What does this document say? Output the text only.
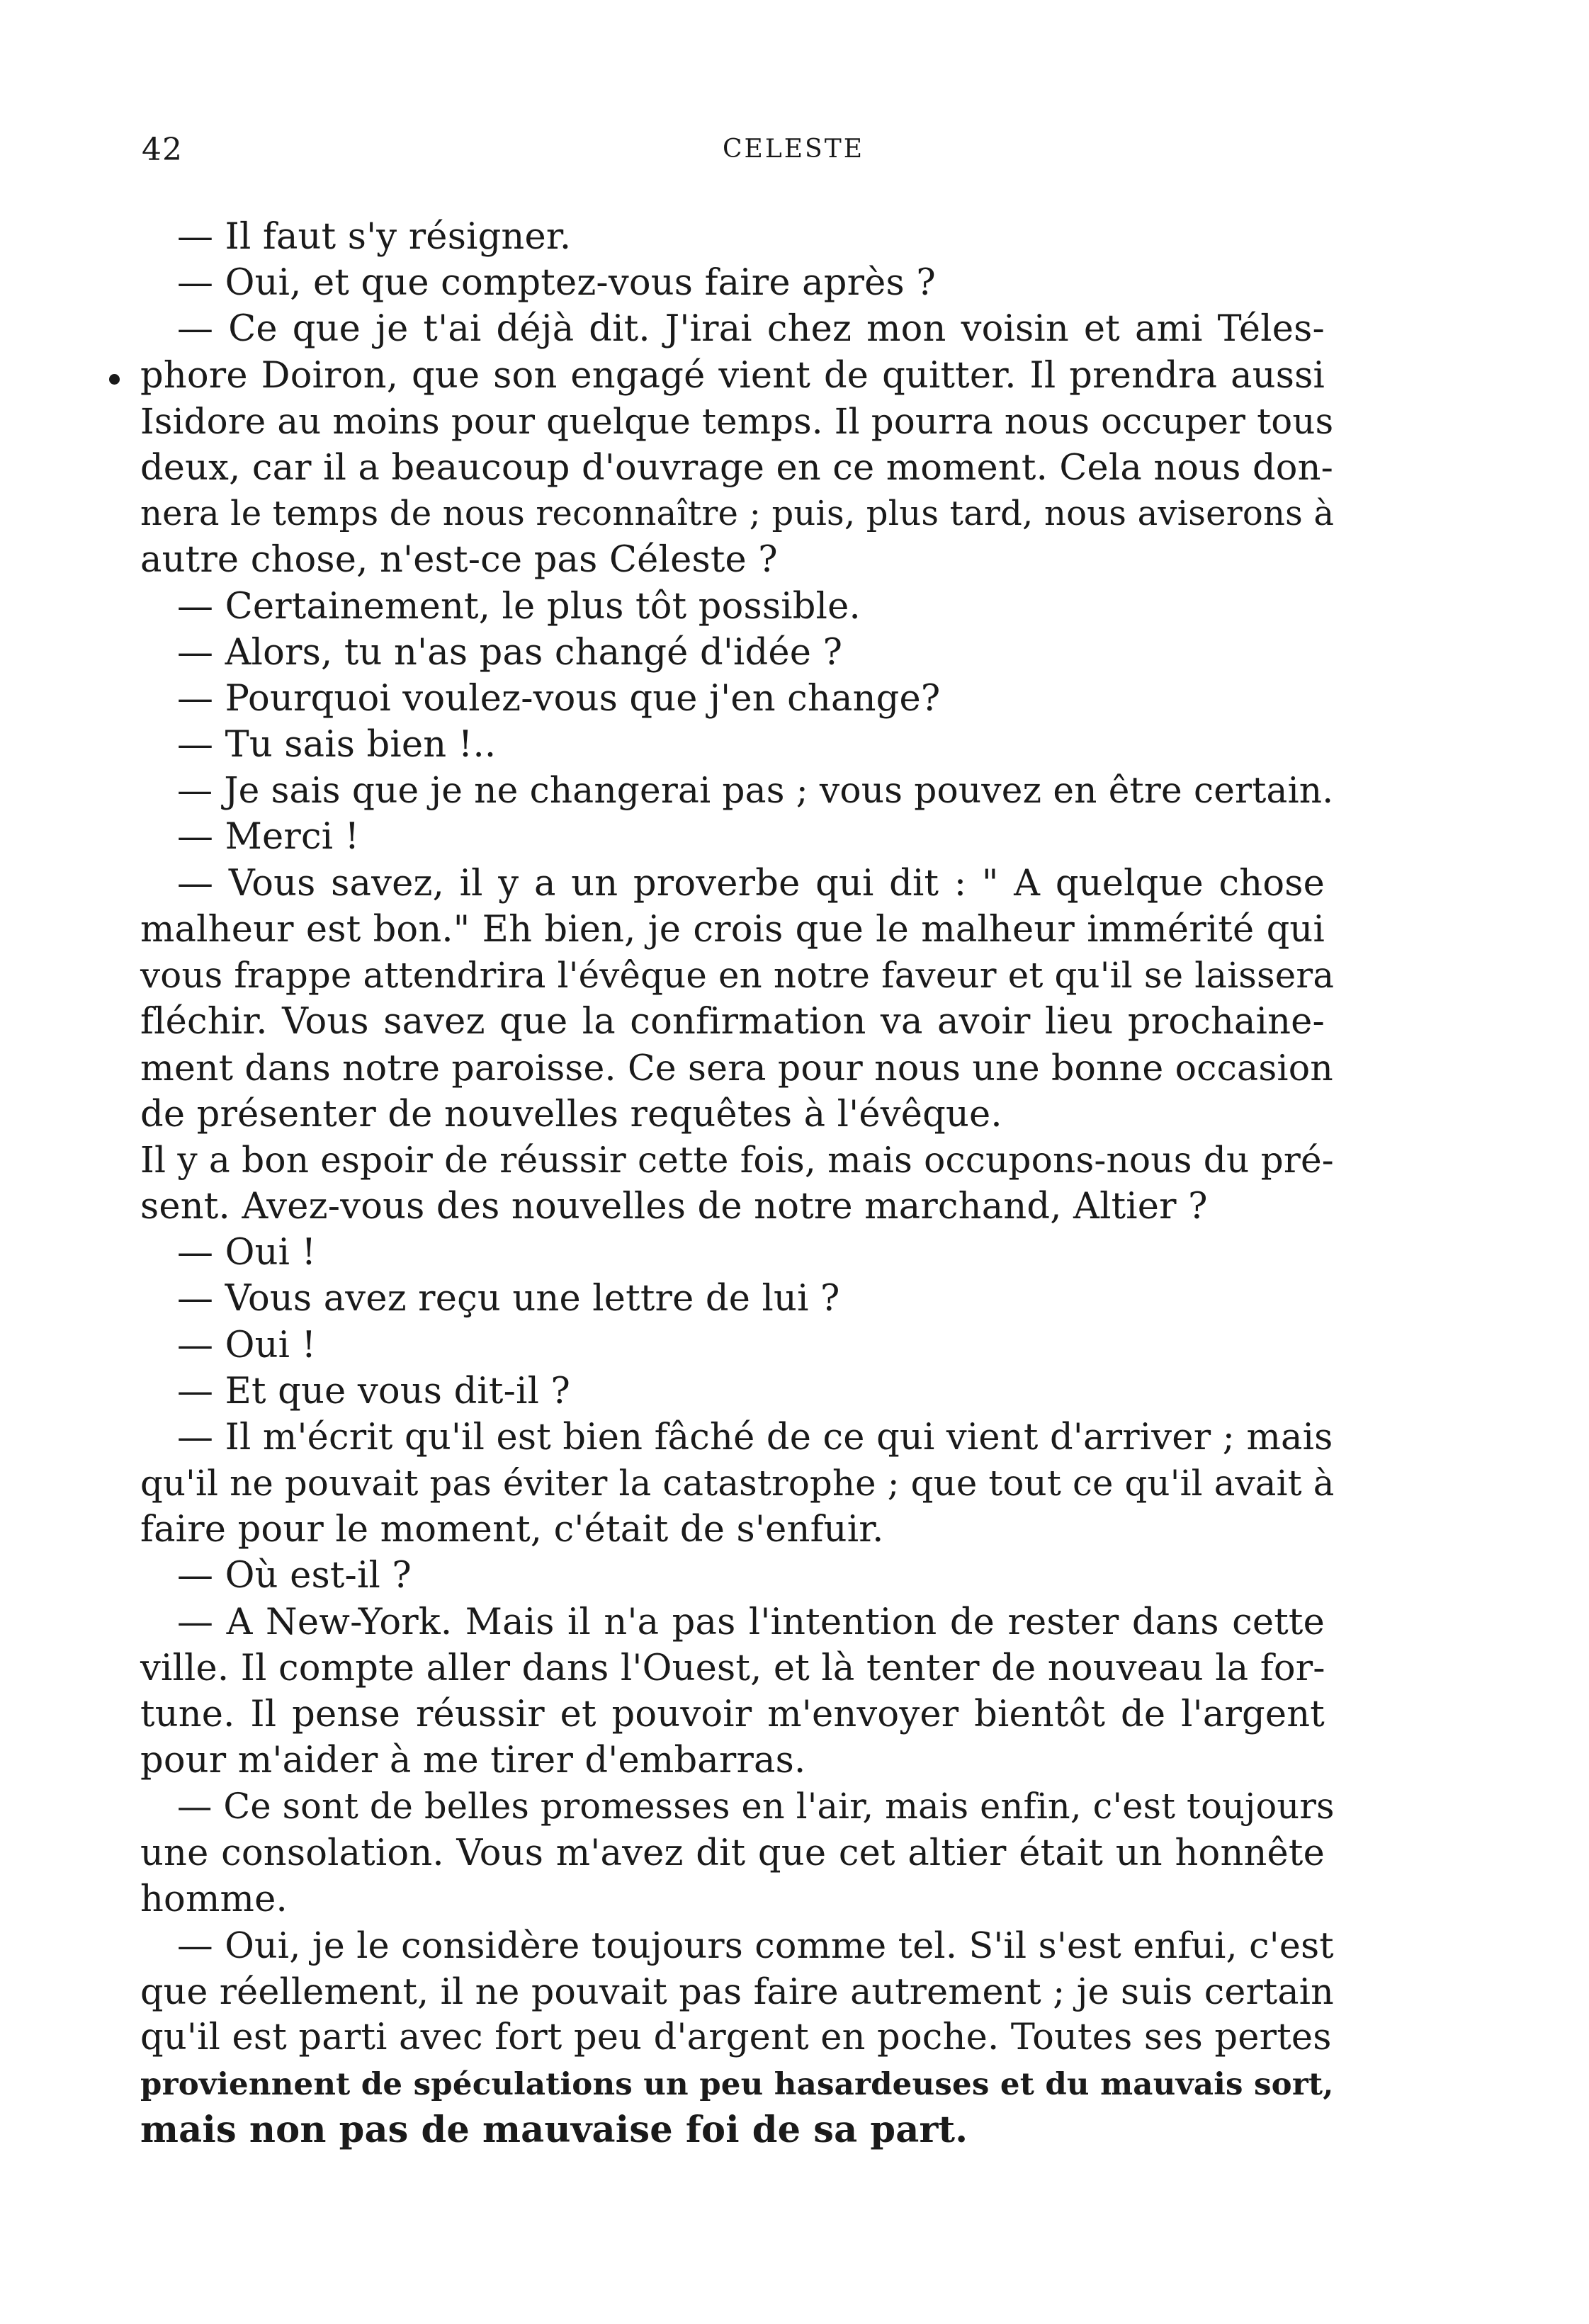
42	CELESTE
— Il faut s'y résigner.
— Oui, et que comptez-vous faire après ?
— Ce que je t'ai déjà dit. J'irai chez mon voisin et ami Téles-
phore Doiron, que son engagé vient de quitter. Il prendra aussi
Isidore au moins pour quelque temps. Il pourra nous occuper tous
deux, car il a beaucoup d'ouvrage en ce moment. Cela nous don-
nera le temps de nous reconnaître ; puis, plus tard, nous aviserons à
autre chose, n'est-ce pas Céleste ?
— Certainement, le plus tôt possible.
— Alors, tu n'as pas changé d'idée ?
— Pourquoi voulez-vous que j'en change?
— Tu sais bien !..
— Je sais que je ne changerai pas ; vous pouvez en être certain.
— Merci !
— Vous savez, il y a un proverbe qui dit : " A quelque chose
malheur est bon." Eh bien, je crois que le malheur immérité qui
vous frappe attendrira l'évêque en notre faveur et qu'il se laissera
fléchir. Vous savez que la confirmation va avoir lieu prochaine-
ment dans notre paroisse. Ce sera pour nous une bonne occasion
de présenter de nouvelles requêtes à l'évêque.
Il y a bon espoir de réussir cette fois, mais occupons-nous du pré-
sent. Avez-vous des nouvelles de notre marchand, Altier ?
— Oui !
— Vous avez reçu une lettre de lui ?
— Oui !
— Et que vous dit-il ?
— Il m'écrit qu'il est bien fâché de ce qui vient d'arriver ; mais
qu'il ne pouvait pas éviter la catastrophe ; que tout ce qu'il avait à
faire pour le moment, c'était de s'enfuir.
— Où est-il ?
— A New-York. Mais il n'a pas l'intention de rester dans cette
ville. Il compte aller dans l'Ouest, et là tenter de nouveau la for-
tune. Il pense réussir et pouvoir m'envoyer bientôt de l'argent
pour m'aider à me tirer d'embarras.
— Ce sont de belles promesses en l'air, mais enfin, c'est toujours
une consolation. Vous m'avez dit que cet altier était un honnête
homme.
— Oui, je le considère toujours comme tel. S'il s'est enfui, c'est
que réellement, il ne pouvait pas faire autrement ; je suis certain
qu'il est parti avec fort peu d'argent en poche. Toutes ses pertes
proviennent de spéculations un peu hasardeuses et du mauvais sort,
mais non pas de mauvaise foi de sa part.
